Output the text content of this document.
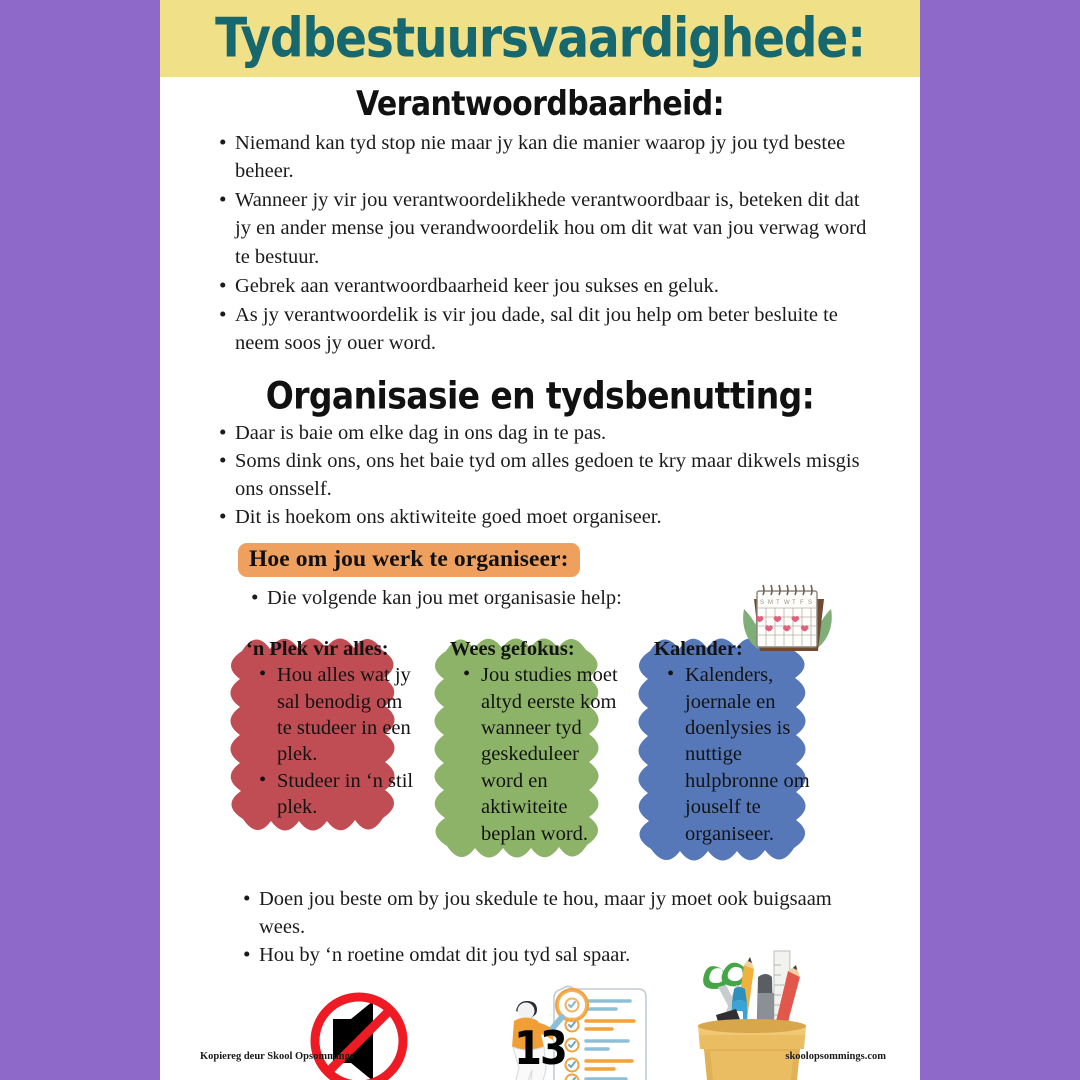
Tydbestuursvaardighede:
Verantwoordbaarheid:
• Niemand kan tyd stop nie maar jy kan die manier waarop jy jou tyd bestee beheer.
• Wanneer jy vir jou verantwoordelikhede verantwoordbaar is, beteken dit dat jy en ander mense jou verandwoordelik hou om dit wat van jou verwag word te bestuur.
• Gebrek aan verantwoordbaarheid keer jou sukses en geluk.
• As jy verantwoordelik is vir jou dade, sal dit jou help om beter besluite te neem soos jy ouer word.
Organisasie en tydsbenutting:
• Daar is baie om elke dag in ons dag in te pas.
• Soms dink ons, ons het baie tyd om alles gedoen te kry maar dikwels misgis ons onsself.
• Dit is hoekom ons aktiwiteite goed moet organiseer.
Hoe om jou werk te organiseer:
• Die volgende kan jou met organisasie help:	S M T W T F S
‘n Plek vir alles:
• Hou alles wat jy sal benodig om te studeer in een plek.
• Studeer in ‘n stil plek.
Wees gefokus:
• Jou studies moet altyd eerste kom wanneer tyd geskeduleer word en aktiwiteite beplan word.
Kalender:
• Kalenders, joernale en doenlysies is nuttige hulpbronne om jouself te organiseer.
• Doen jou beste om by jou skedule te hou, maar jy moet ook buigsaam wees.
• Hou by ‘n roetine omdat dit jou tyd sal spaar.
Kopiereg deur Skool Opsommings	13	skoolopsommings.com
